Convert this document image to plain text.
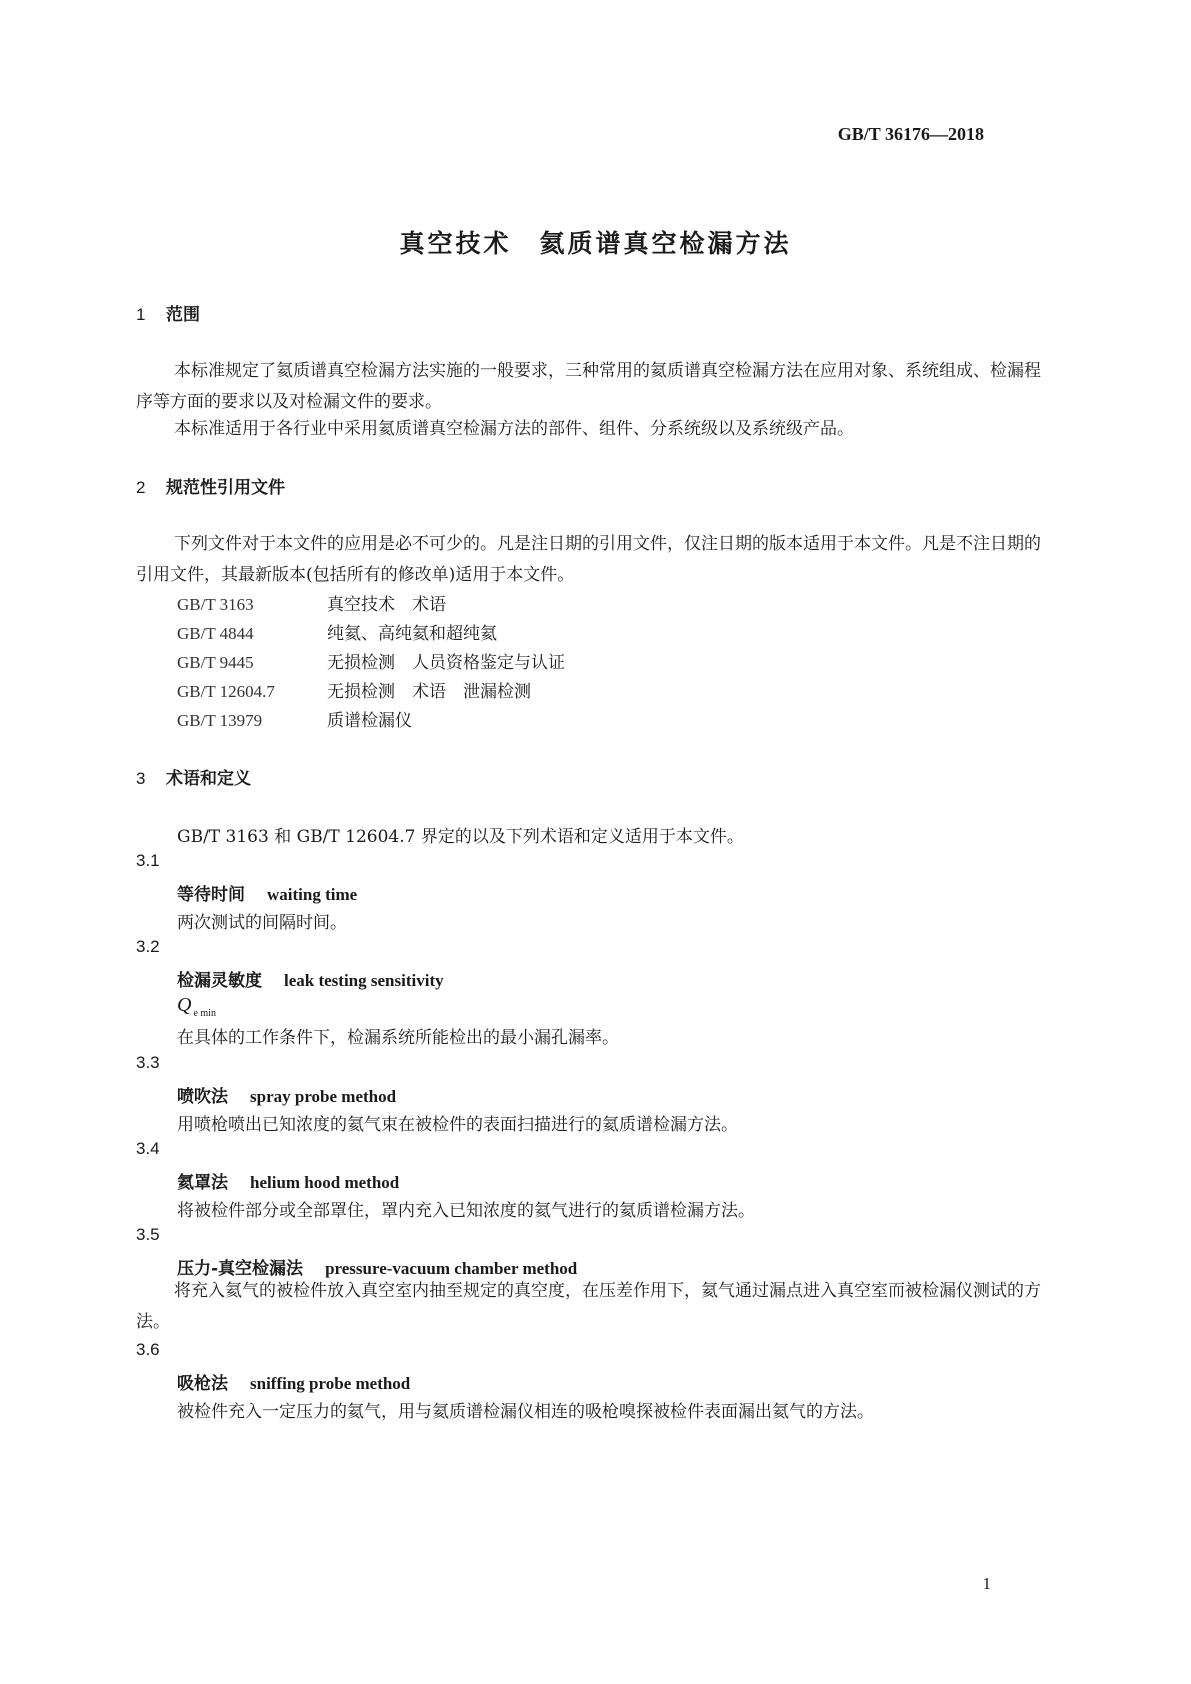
GB/T 36176—2018
真空技术　氦质谱真空检漏方法
1 范围
本标准规定了氦质谱真空检漏方法实施的一般要求，三种常用的氦质谱真空检漏方法在应用对象、系统组成、检漏程序等方面的要求以及对检漏文件的要求。
本标准适用于各行业中采用氦质谱真空检漏方法的部件、组件、分系统级以及系统级产品。
2 规范性引用文件
下列文件对于本文件的应用是必不可少的。凡是注日期的引用文件，仅注日期的版本适用于本文件。凡是不注日期的引用文件，其最新版本(包括所有的修改单)适用于本文件。
GB/T 3163	真空技术　术语
GB/T 4844	纯氦、高纯氦和超纯氦
GB/T 9445	无损检测　人员资格鉴定与认证
GB/T 12604.7	无损检测　术语　泄漏检测
GB/T 13979	质谱检漏仪
3 术语和定义
GB/T 3163 和 GB/T 12604.7 界定的以及下列术语和定义适用于本文件。
3.1
等待时间 waiting time
两次测试的间隔时间。
3.2
检漏灵敏度 leak testing sensitivity
Q $_{e min}$
在具体的工作条件下，检漏系统所能检出的最小漏孔漏率。
3.3
喷吹法 spray probe method
用喷枪喷出已知浓度的氦气束在被检件的表面扫描进行的氦质谱检漏方法。
3.4
氦罩法 helium hood method
将被检件部分或全部罩住，罩内充入已知浓度的氦气进行的氦质谱检漏方法。
3.5
压力-真空检漏法 pressure-vacuum chamber method
将充入氦气的被检件放入真空室内抽至规定的真空度，在压差作用下，氦气通过漏点进入真空室而被检漏仪测试的方法。
3.6
吸枪法 sniffing probe method
被检件充入一定压力的氦气，用与氦质谱检漏仪相连的吸枪嗅探被检件表面漏出氦气的方法。
1
